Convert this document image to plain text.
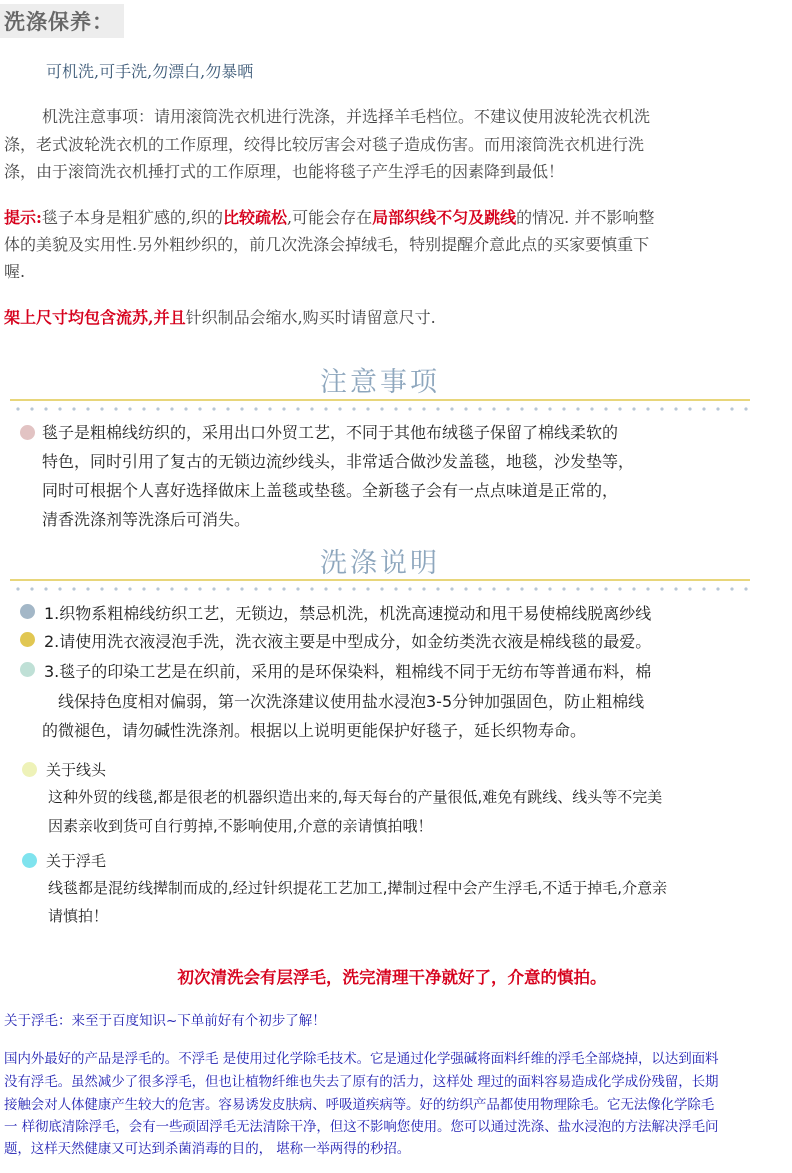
洗涤保养：
可机洗,可手洗,勿漂白,勿暴晒
机洗注意事项：请用滚筒洗衣机进行洗涤，并选择羊毛档位。不建议使用波轮洗衣机洗
涤，老式波轮洗衣机的工作原理，绞得比较厉害会对毯子造成伤害。而用滚筒洗衣机进行洗
涤，由于滚筒洗衣机捶打式的工作原理，也能将毯子产生浮毛的因素降到最低！
提示:毯子本身是粗犷感的,织的比较疏松,可能会存在局部织线不匀及跳线的情况. 并不影响整
体的美貌及实用性.另外粗纱织的，前几次洗涤会掉绒毛，特别提醒介意此点的买家要慎重下
喔.
架上尺寸均包含流苏,并且针织制品会缩水,购买时请留意尺寸.
注意事项
毯子是粗棉线纺织的，采用出口外贸工艺，不同于其他布绒毯子保留了棉线柔软的
特色，同时引用了复古的无锁边流纱线头，非常适合做沙发盖毯，地毯，沙发垫等，
同时可根据个人喜好选择做床上盖毯或垫毯。全新毯子会有一点点味道是正常的，
清香洗涤剂等洗涤后可消失。
洗涤说明
1.织物系粗棉线纺织工艺，无锁边，禁忌机洗，机洗高速搅动和甩干易使棉线脱离纱线
2.请使用洗衣液浸泡手洗，洗衣液主要是中型成分，如金纺类洗衣液是棉线毯的最爱。
3.毯子的印染工艺是在织前，采用的是环保染料，粗棉线不同于无纺布等普通布料，棉
线保持色度相对偏弱，第一次洗涤建议使用盐水浸泡3-5分钟加强固色，防止粗棉线
的微褪色，请勿碱性洗涤剂。根据以上说明更能保护好毯子，延长织物寿命。
关于线头
这种外贸的线毯,都是很老的机器织造出来的,每天每台的产量很低,难免有跳线、线头等不完美
因素亲收到货可自行剪掉,不影响使用,介意的亲请慎拍哦！
关于浮毛
线毯都是混纺线撵制而成的,经过针织提花工艺加工,撵制过程中会产生浮毛,不适于掉毛,介意亲
请慎拍！
初次清洗会有层浮毛，洗完清理干净就好了，介意的慎拍。
关于浮毛：来至于百度知识~下单前好有个初步了解！
国内外最好的产品是浮毛的。不浮毛 是使用过化学除毛技术。它是通过化学强碱将面料纤维的浮毛全部烧掉，以达到面料
没有浮毛。虽然减少了很多浮毛，但也让植物纤维也失去了原有的活力，这样处 理过的面料容易造成化学成份残留，长期
接触会对人体健康产生较大的危害。容易诱发皮肤病、呼吸道疾病等。好的纺织产品都使用物理除毛。它无法像化学除毛
一 样彻底清除浮毛，会有一些顽固浮毛无法清除干净，但这不影响您使用。您可以通过洗涤、盐水浸泡的方法解决浮毛问
题，这样天然健康又可达到杀菌消毒的目的， 堪称一举两得的秒招。
